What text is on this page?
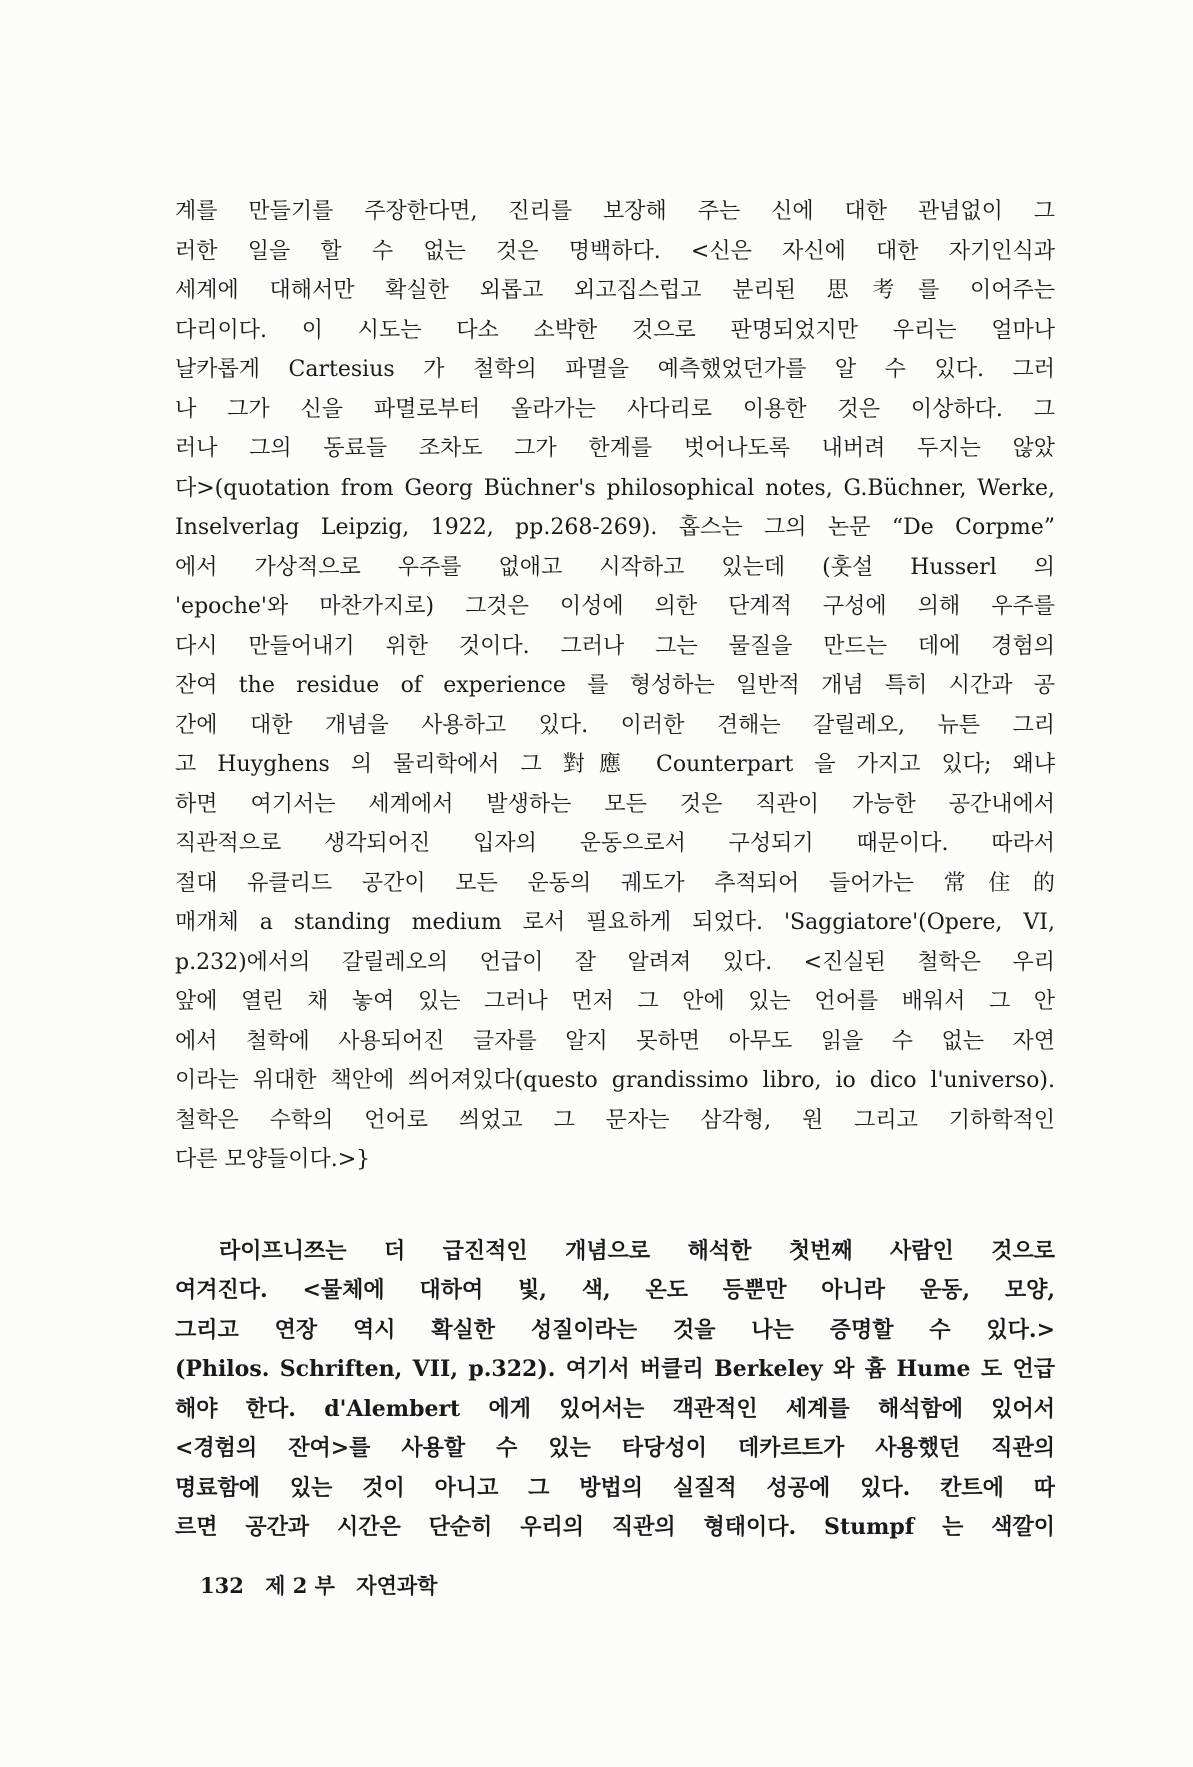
계를 만들기를 주장한다면, 진리를 보장해 주는 신에 대한 관념없이 그

러한 일을 할 수 없는 것은 명백하다. <신은 자신에 대한 자기인식과

세계에 대해서만 확실한 외롭고 외고집스럽고 분리된 思考를 이어주는

다리이다. 이 시도는 다소 소박한 것으로 판명되었지만 우리는 얼마나

날카롭게 Cartesius 가 철학의 파멸을 예측했었던가를 알 수 있다. 그러

나 그가 신을 파멸로부터 올라가는 사다리로 이용한 것은 이상하다. 그

러나 그의 동료들 조차도 그가 한계를 벗어나도록 내버려 두지는 않았

다>(quotation from Georg Büchner's philosophical notes, G.Büchner, Werke,

Inselverlag Leipzig, 1922, pp.268-269). 홉스는 그의 논문 “De Corpme”

에서 가상적으로 우주를 없애고 시작하고 있는데 (훗설 Husserl 의

'epoche'와 마찬가지로) 그것은 이성에 의한 단계적 구성에 의해 우주를

다시 만들어내기 위한 것이다. 그러나 그는 물질을 만드는 데에 경험의

잔여 the residue of experience 를 형성하는 일반적 개념 특히 시간과 공

간에 대한 개념을 사용하고 있다. 이러한 견해는 갈릴레오, 뉴튼 그리

고 Huyghens 의 물리학에서 그 對應 Counterpart 을 가지고 있다; 왜냐

하면 여기서는 세계에서 발생하는 모든 것은 직관이 가능한 공간내에서

직관적으로 생각되어진 입자의 운동으로서 구성되기 때문이다. 따라서

절대 유클리드 공간이 모든 운동의 궤도가 추적되어 들어가는 常住的

매개체 a standing medium 로서 필요하게 되었다. 'Saggiatore'(Opere, VI,

p.232)에서의 갈릴레오의 언급이 잘 알려져 있다. <진실된 철학은 우리

앞에 열린 채 놓여 있는 그러나 먼저 그 안에 있는 언어를 배워서 그 안

에서 철학에 사용되어진 글자를 알지 못하면 아무도 읽을 수 없는 자연

이라는 위대한 책안에 씌어져있다(questo grandissimo libro, io dico l'universo).

철학은 수학의 언어로 씌었고 그 문자는 삼각형, 원 그리고 기하학적인

다른 모양들이다.>}

라이프니쯔는 더 급진적인 개념으로 해석한 첫번째 사람인 것으로

여겨진다. <물체에 대하여 빛, 색, 온도 등뿐만 아니라 운동, 모양,

그리고 연장 역시 확실한 성질이라는 것을 나는 증명할 수 있다.>

(Philos. Schriften, VII, p.322). 여기서 버클리 Berkeley 와 흄 Hume 도 언급

해야 한다. d'Alembert 에게 있어서는 객관적인 세계를 해석함에 있어서

<경험의 잔여>를 사용할 수 있는 타당성이 데카르트가 사용했던 직관의

명료함에 있는 것이 아니고 그 방법의 실질적 성공에 있다. 칸트에 따

르면 공간과 시간은 단순히 우리의 직관의 형태이다. Stumpf 는 색깔이

132 제 2 부 자연과학
